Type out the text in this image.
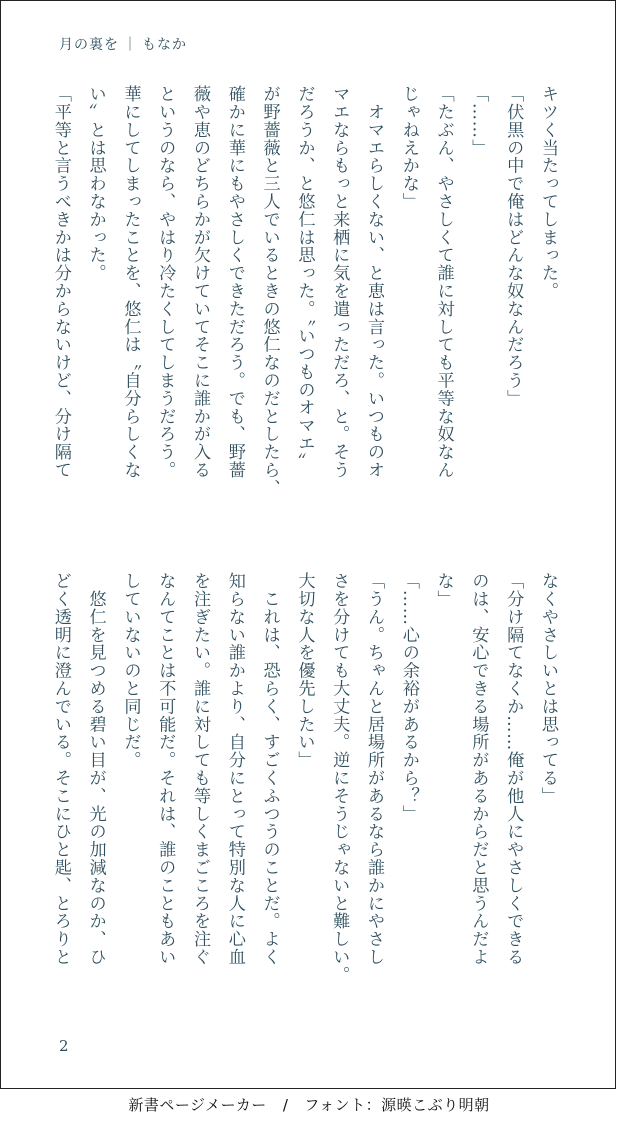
月の裏を ｜ もなか
キツく当たってしまった。
「伏黒の中で俺はどんな奴なんだろう」
「……」
「たぶん、やさしくて誰に対しても平等な奴なん
じゃねえかな」
　オマエらしくない、と恵は言った。いつものオ
マエならもっと来栖に気を遣っただろ、と。そう
だろうか、と悠仁は思った。〝いつものオマエ〟
が野薔薇と三人でいるときの悠仁なのだとしたら、
確かに華にもやさしくできただろう。でも、野薔
薇や恵のどちらかが欠けていてそこに誰かが入る
というのなら、やはり冷たくしてしまうだろう。
華にしてしまったことを、悠仁は〝自分らしくな
い〟とは思わなかった。
「平等と言うべきかは分からないけど、分け隔て
なくやさしいとは思ってる」
「分け隔てなくか……俺が他人にやさしくできる
のは、安心できる場所があるからだと思うんだよ
な」
「……心の余裕があるから？」
「うん。ちゃんと居場所があるなら誰かにやさし
さを分けても大丈夫。逆にそうじゃないと難しい。
大切な人を優先したい」
　これは、恐らく、すごくふつうのことだ。よく
知らない誰かより、自分にとって特別な人に心血
を注ぎたい。誰に対しても等しくまごころを注ぐ
なんてことは不可能だ。それは、誰のこともあい
していないのと同じだ。
　悠仁を見つめる碧い目が、光の加減なのか、ひ
どく透明に澄んでいる。そこにひと匙、とろりと
2
新書ページメーカー / フォント：源暎こぶり明朝
